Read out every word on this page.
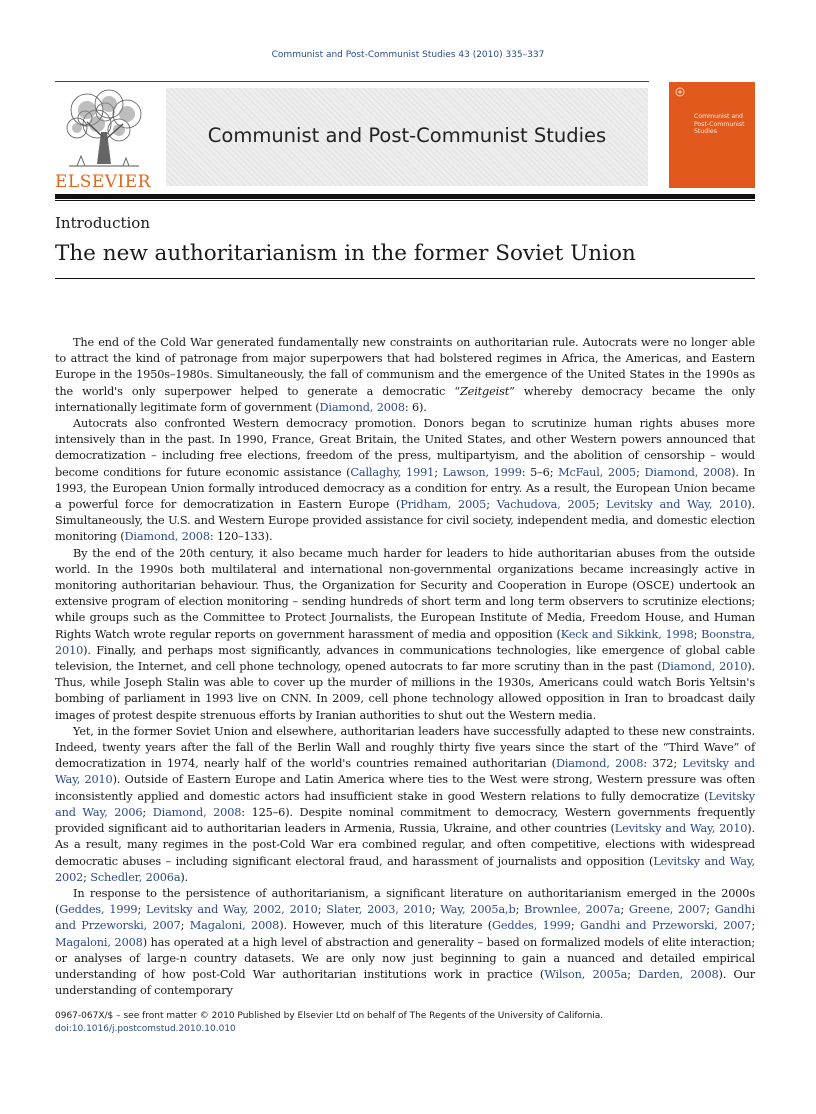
Communist and Post-Communist Studies 43 (2010) 335–337
ELSEVIER
Communist and Post-Communist Studies
Communist and
Post-Communist
Studies
Introduction
The new authoritarianism in the former Soviet Union

The end of the Cold War generated fundamentally new constraints on authoritarian rule. Autocrats were no longer able to attract the kind of patronage from major superpowers that had bolstered regimes in Africa, the Americas, and Eastern Europe in the 1950s–1980s. Simultaneously, the fall of communism and the emergence of the United States in the 1990s as the world's only superpower helped to generate a democratic “Zeitgeist” whereby democracy became the only internationally legitimate form of government (Diamond, 2008: 6).

Autocrats also confronted Western democracy promotion. Donors began to scrutinize human rights abuses more intensively than in the past. In 1990, France, Great Britain, the United States, and other Western powers announced that democratization – including free elections, freedom of the press, multipartyism, and the abolition of censorship – would become conditions for future economic assistance (Callaghy, 1991; Lawson, 1999: 5–6; McFaul, 2005; Diamond, 2008). In 1993, the European Union formally introduced democracy as a condition for entry. As a result, the European Union became a powerful force for democratization in Eastern Europe (Pridham, 2005; Vachudova, 2005; Levitsky and Way, 2010). Simultaneously, the U.S. and Western Europe provided assistance for civil society, independent media, and domestic election monitoring (Diamond, 2008: 120–133).

By the end of the 20th century, it also became much harder for leaders to hide authoritarian abuses from the outside world. In the 1990s both multilateral and international non-governmental organizations became increasingly active in monitoring authoritarian behaviour. Thus, the Organization for Security and Cooperation in Europe (OSCE) undertook an extensive program of election monitoring – sending hundreds of short term and long term observers to scrutinize elections; while groups such as the Committee to Protect Journalists, the European Institute of Media, Freedom House, and Human Rights Watch wrote regular reports on government harassment of media and opposition (Keck and Sikkink, 1998; Boonstra, 2010). Finally, and perhaps most significantly, advances in communications technologies, like emergence of global cable television, the Internet, and cell phone technology, opened autocrats to far more scrutiny than in the past (Diamond, 2010). Thus, while Joseph Stalin was able to cover up the murder of millions in the 1930s, Americans could watch Boris Yeltsin's bombing of parliament in 1993 live on CNN. In 2009, cell phone technology allowed opposition in Iran to broadcast daily images of protest despite strenuous efforts by Iranian authorities to shut out the Western media.

Yet, in the former Soviet Union and elsewhere, authoritarian leaders have successfully adapted to these new constraints. Indeed, twenty years after the fall of the Berlin Wall and roughly thirty five years since the start of the “Third Wave” of democratization in 1974, nearly half of the world's countries remained authoritarian (Diamond, 2008: 372; Levitsky and Way, 2010). Outside of Eastern Europe and Latin America where ties to the West were strong, Western pressure was often inconsistently applied and domestic actors had insufficient stake in good Western relations to fully democratize (Levitsky and Way, 2006; Diamond, 2008: 125–6). Despite nominal commitment to democracy, Western governments frequently provided significant aid to authoritarian leaders in Armenia, Russia, Ukraine, and other countries (Levitsky and Way, 2010). As a result, many regimes in the post-Cold War era combined regular, and often competitive, elections with widespread democratic abuses – including significant electoral fraud, and harassment of journalists and opposition (Levitsky and Way, 2002; Schedler, 2006a).

In response to the persistence of authoritarianism, a significant literature on authoritarianism emerged in the 2000s (Geddes, 1999; Levitsky and Way, 2002, 2010; Slater, 2003, 2010; Way, 2005a,b; Brownlee, 2007a; Greene, 2007; Gandhi and Przeworski, 2007; Magaloni, 2008). However, much of this literature (Geddes, 1999; Gandhi and Przeworski, 2007; Magaloni, 2008) has operated at a high level of abstraction and generality – based on formalized models of elite interaction; or analyses of large-n country datasets. We are only now just beginning to gain a nuanced and detailed empirical understanding of how post-Cold War authoritarian institutions work in practice (Wilson, 2005a; Darden, 2008). Our understanding of contemporary

0967-067X/$ – see front matter © 2010 Published by Elsevier Ltd on behalf of The Regents of the University of California.
doi:10.1016/j.postcomstud.2010.10.010
